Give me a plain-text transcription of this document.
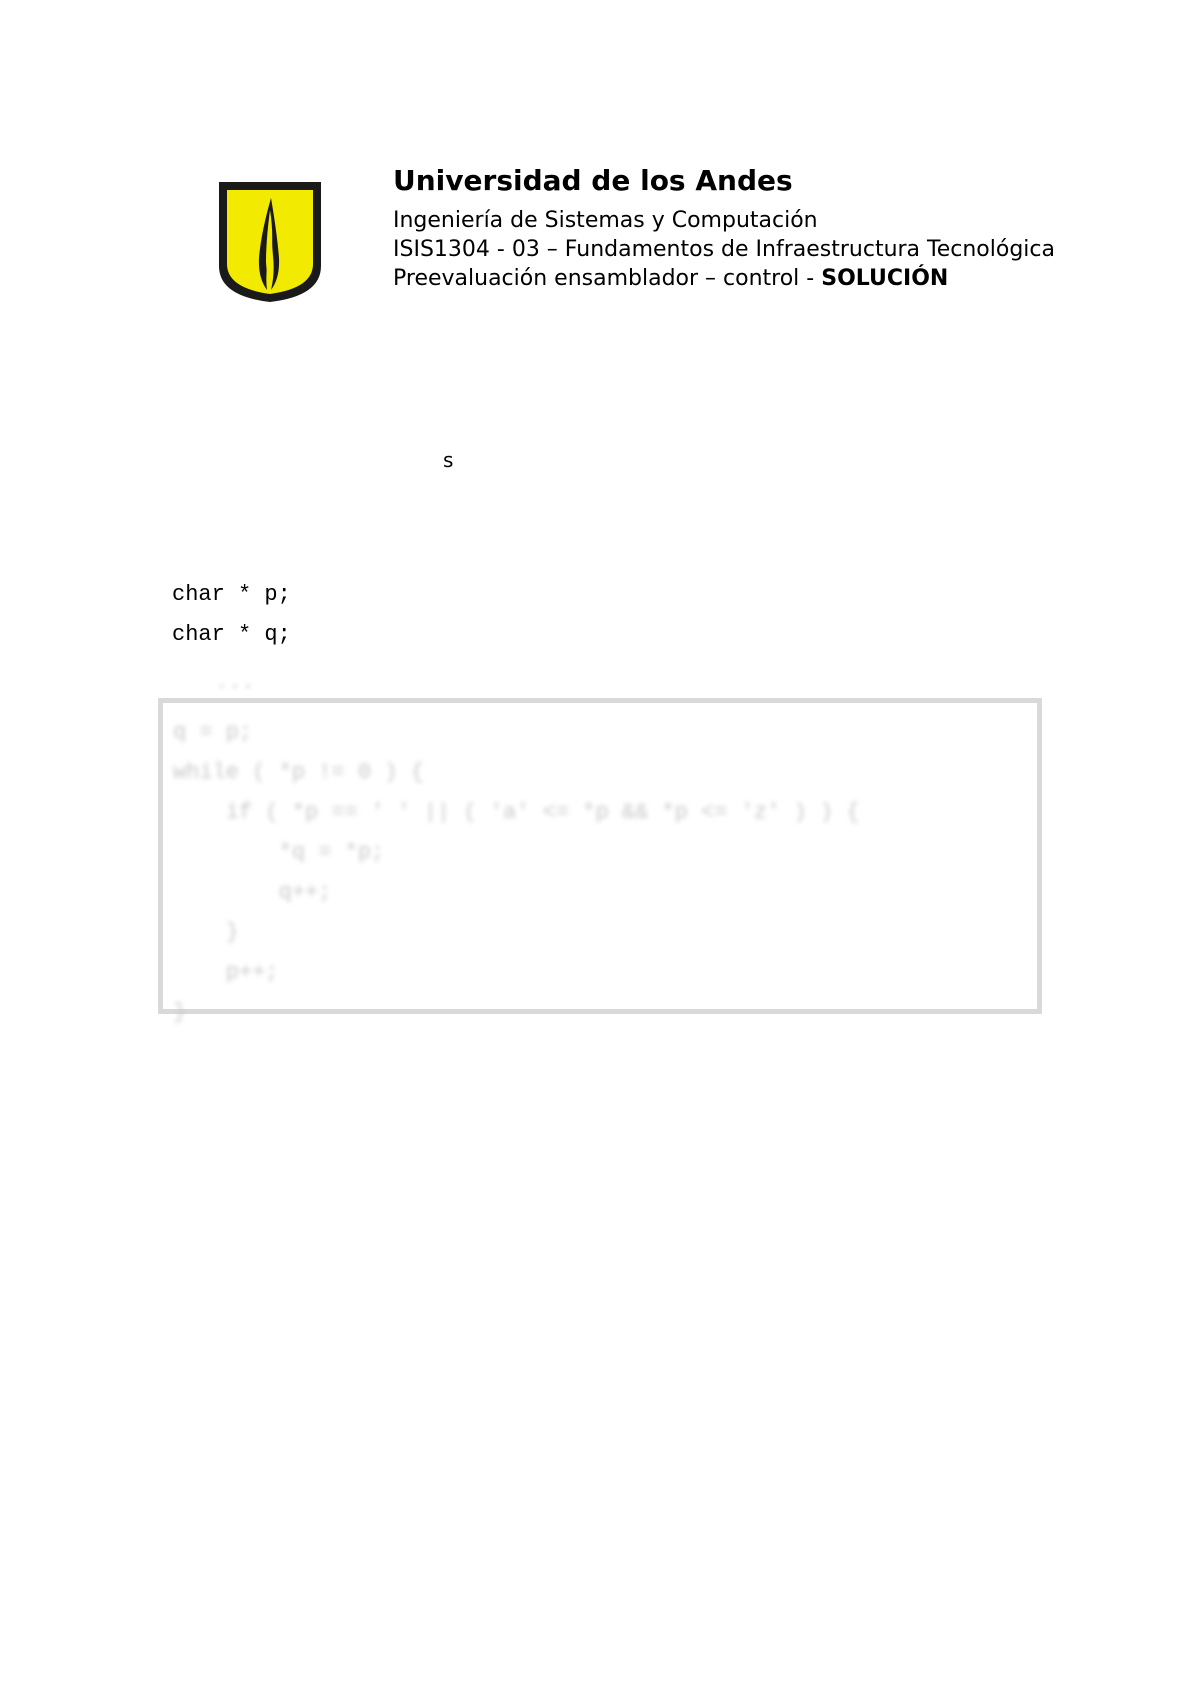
Universidad de los Andes

Ingeniería de Sistemas y Computación

ISIS1304 - 03 – Fundamentos de Infraestructura Tecnológica

Preevaluación ensamblador – control - SOLUCIÓN

s
char * p;
char * q;
...
q = p;
while ( *p != 0 ) {
if ( *p == ' ' || ( 'a' <= *p && *p <= 'z' ) ) {
*q = *p;
q++;
}
p++;
}
